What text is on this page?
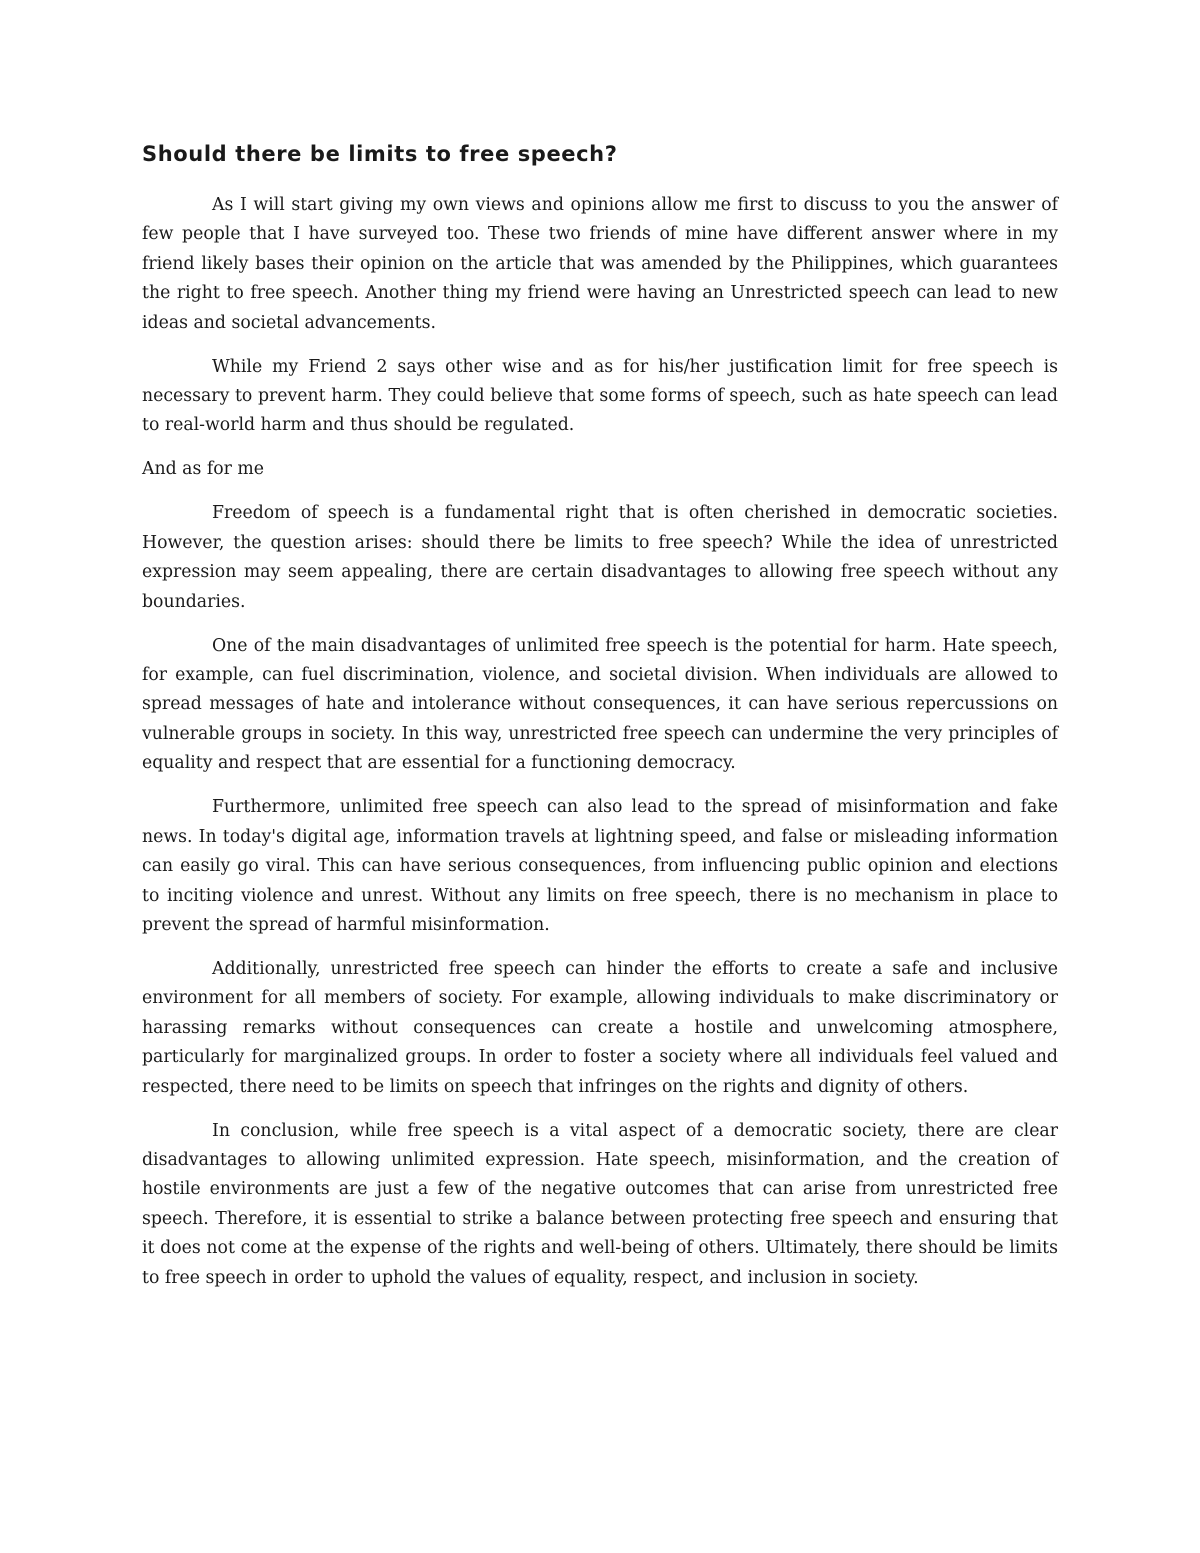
Should there be limits to free speech?

As I will start giving my own views and opinions allow me first to discuss to you the answer of few people that I have surveyed too. These two friends of mine have different answer where in my friend likely bases their opinion on the article that was amended by the Philippines, which guarantees the right to free speech. Another thing my friend were having an Unrestricted speech can lead to new ideas and societal advancements.

While my Friend 2 says other wise and as for his/her justification limit for free speech is necessary to prevent harm. They could believe that some forms of speech, such as hate speech can lead to real-world harm and thus should be regulated.

And as for me

Freedom of speech is a fundamental right that is often cherished in democratic societies. However, the question arises: should there be limits to free speech? While the idea of unrestricted expression may seem appealing, there are certain disadvantages to allowing free speech without any boundaries.

One of the main disadvantages of unlimited free speech is the potential for harm. Hate speech, for example, can fuel discrimination, violence, and societal division. When individuals are allowed to spread messages of hate and intolerance without consequences, it can have serious repercussions on vulnerable groups in society. In this way, unrestricted free speech can undermine the very principles of equality and respect that are essential for a functioning democracy.

Furthermore, unlimited free speech can also lead to the spread of misinformation and fake news. In today's digital age, information travels at lightning speed, and false or misleading information can easily go viral. This can have serious consequences, from influencing public opinion and elections to inciting violence and unrest. Without any limits on free speech, there is no mechanism in place to prevent the spread of harmful misinformation.

Additionally, unrestricted free speech can hinder the efforts to create a safe and inclusive environment for all members of society. For example, allowing individuals to make discriminatory or harassing remarks without consequences can create a hostile and unwelcoming atmosphere, particularly for marginalized groups. In order to foster a society where all individuals feel valued and respected, there need to be limits on speech that infringes on the rights and dignity of others.

In conclusion, while free speech is a vital aspect of a democratic society, there are clear disadvantages to allowing unlimited expression. Hate speech, misinformation, and the creation of hostile environments are just a few of the negative outcomes that can arise from unrestricted free speech. Therefore, it is essential to strike a balance between protecting free speech and ensuring that it does not come at the expense of the rights and well-being of others. Ultimately, there should be limits to free speech in order to uphold the values of equality, respect, and inclusion in society.
